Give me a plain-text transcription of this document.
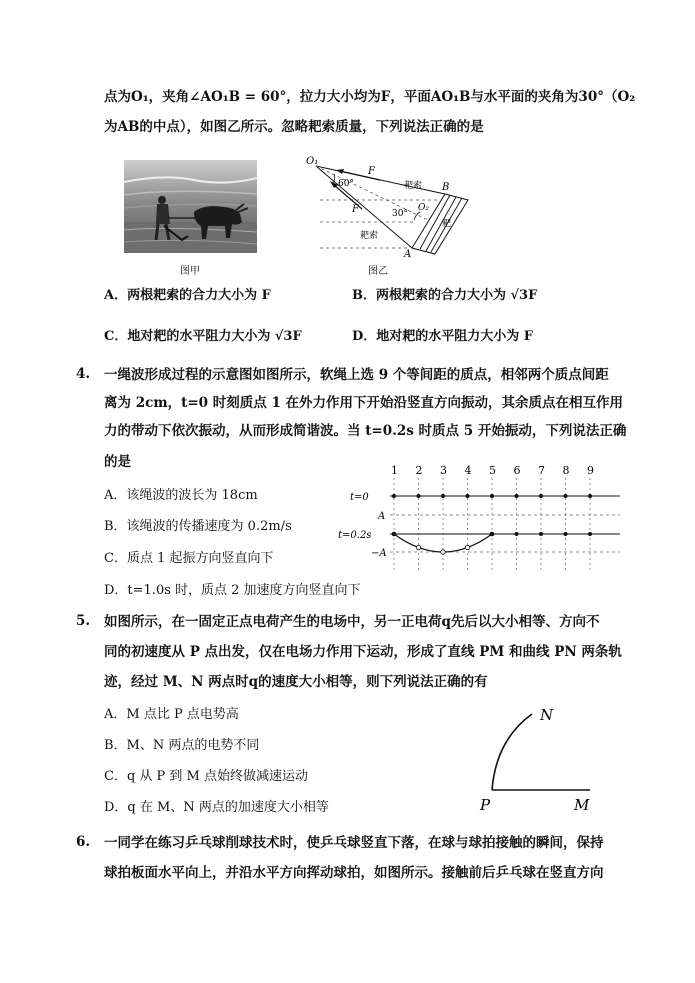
点为O₁，夹角∠AO₁B = 60°，拉力大小均为F，平面AO₁B与水平面的夹角为30°（O₂
为AB的中点），如图乙所示。忽略耙索质量，下列说法正确的是
图甲
O₁
F
60°	耙索 B
F	O₂
30°
耙
耙索
A
图乙
A．两根耙索的合力大小为 F	B．两根耙索的合力大小为 √3F
C．地对耙的水平阻力大小为 √3F	D．地对耙的水平阻力大小为 F
4. 一绳波形成过程的示意图如图所示，软绳上选 9 个等间距的质点，相邻两个质点间距
离为 2cm，t=0 时刻质点 1 在外力作用下开始沿竖直方向振动，其余质点在相互作用
力的带动下依次振动，从而形成简谐波。当 t=0.2s 时质点 5 开始振动，下列说法正确
的是
A．该绳波的波长为 18cm
B．该绳波的传播速度为 0.2m/s
C．质点 1 起振方向竖直向下
D．t=1.0s 时，质点 2 加速度方向竖直向下
1 2 3 4 5 6 7 8 9
t=0
A
t=0.2s
−A
5. 如图所示，在一固定正点电荷产生的电场中，另一正电荷q先后以大小相等、方向不
同的初速度从 P 点出发，仅在电场力作用下运动，形成了直线 PM 和曲线 PN 两条轨
迹，经过 M、N 两点时q的速度大小相等，则下列说法正确的有
A．M 点比 P 点电势高
B．M、N 两点的电势不同
C．q 从 P 到 M 点始终做减速运动
D．q 在 M、N 两点的加速度大小相等
N
P	M
6. 一同学在练习乒乓球削球技术时，使乒乓球竖直下落，在球与球拍接触的瞬间，保持
球拍板面水平向上，并沿水平方向挥动球拍，如图所示。接触前后乒乓球在竖直方向
